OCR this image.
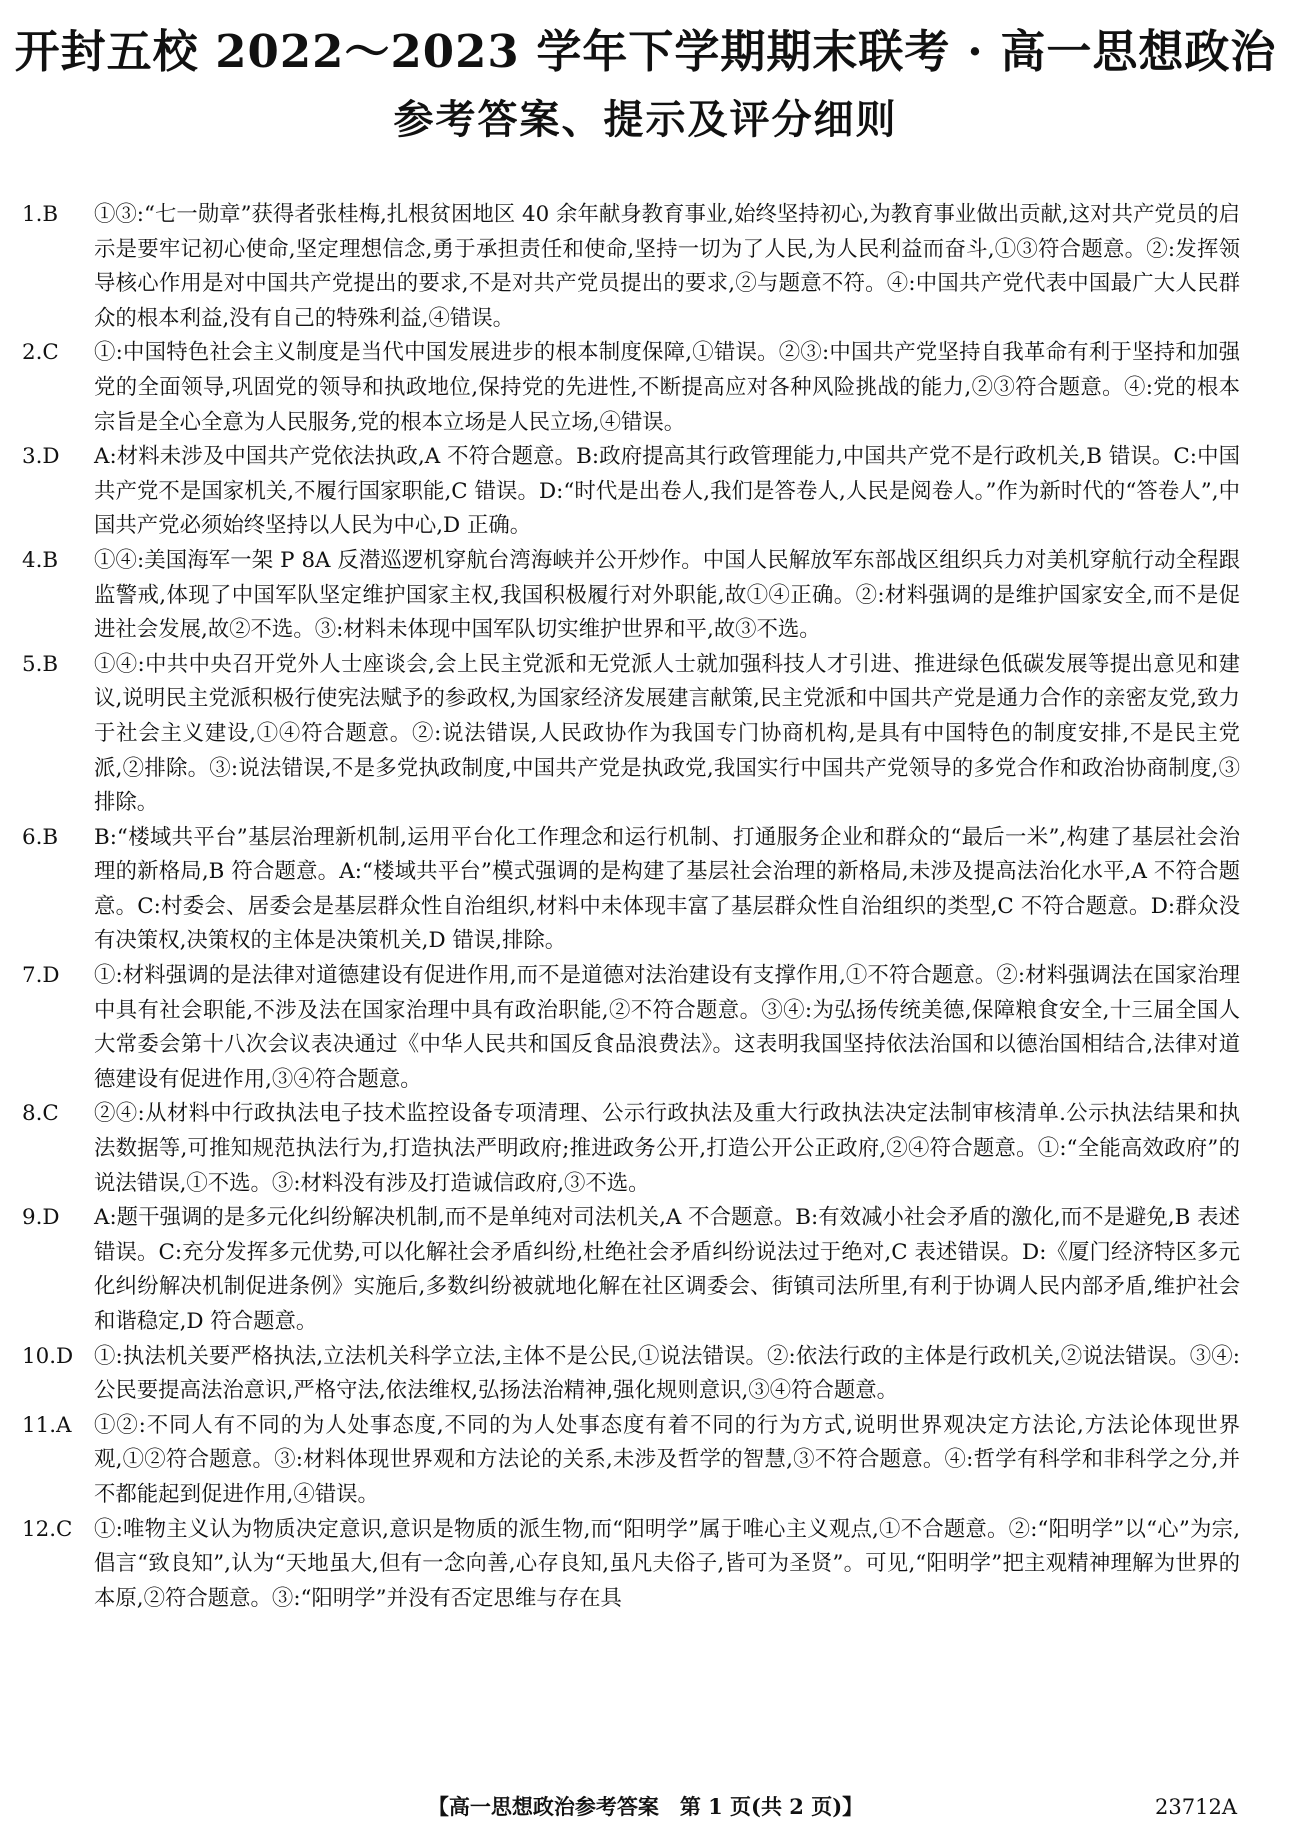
开封五校 2022～2023 学年下学期期末联考 · 高一思想政治
参考答案、提示及评分细则
1.B	①③:“七一勋章”获得者张桂梅,扎根贫困地区 40 余年献身教育事业,始终坚持初心,为教育事业做出贡献,这对共产党员的启示是要牢记初心使命,坚定理想信念,勇于承担责任和使命,坚持一切为了人民,为人民利益而奋斗,①③符合题意。②:发挥领导核心作用是对中国共产党提出的要求,不是对共产党员提出的要求,②与题意不符。④:中国共产党代表中国最广大人民群众的根本利益,没有自己的特殊利益,④错误。
2.C	①:中国特色社会主义制度是当代中国发展进步的根本制度保障,①错误。②③:中国共产党坚持自我革命有利于坚持和加强党的全面领导,巩固党的领导和执政地位,保持党的先进性,不断提高应对各种风险挑战的能力,②③符合题意。④:党的根本宗旨是全心全意为人民服务,党的根本立场是人民立场,④错误。
3.D	A:材料未涉及中国共产党依法执政,A 不符合题意。B:政府提高其行政管理能力,中国共产党不是行政机关,B 错误。C:中国共产党不是国家机关,不履行国家职能,C 错误。D:“时代是出卷人,我们是答卷人,人民是阅卷人。”作为新时代的“答卷人”,中国共产党必须始终坚持以人民为中心,D 正确。
4.B	①④:美国海军一架 P 8A 反潜巡逻机穿航台湾海峡并公开炒作。中国人民解放军东部战区组织兵力对美机穿航行动全程跟监警戒,体现了中国军队坚定维护国家主权,我国积极履行对外职能,故①④正确。②:材料强调的是维护国家安全,而不是促进社会发展,故②不选。③:材料未体现中国军队切实维护世界和平,故③不选。
5.B	①④:中共中央召开党外人士座谈会,会上民主党派和无党派人士就加强科技人才引进、推进绿色低碳发展等提出意见和建议,说明民主党派积极行使宪法赋予的参政权,为国家经济发展建言献策,民主党派和中国共产党是通力合作的亲密友党,致力于社会主义建设,①④符合题意。②:说法错误,人民政协作为我国专门协商机构,是具有中国特色的制度安排,不是民主党派,②排除。③:说法错误,不是多党执政制度,中国共产党是执政党,我国实行中国共产党领导的多党合作和政治协商制度,③排除。
6.B	B:“楼域共平台”基层治理新机制,运用平台化工作理念和运行机制、打通服务企业和群众的“最后一米”,构建了基层社会治理的新格局,B 符合题意。A:“楼域共平台”模式强调的是构建了基层社会治理的新格局,未涉及提高法治化水平,A 不符合题意。C:村委会、居委会是基层群众性自治组织,材料中未体现丰富了基层群众性自治组织的类型,C 不符合题意。D:群众没有决策权,决策权的主体是决策机关,D 错误,排除。
7.D	①:材料强调的是法律对道德建设有促进作用,而不是道德对法治建设有支撑作用,①不符合题意。②:材料强调法在国家治理中具有社会职能,不涉及法在国家治理中具有政治职能,②不符合题意。③④:为弘扬传统美德,保障粮食安全,十三届全国人大常委会第十八次会议表决通过《中华人民共和国反食品浪费法》。这表明我国坚持依法治国和以德治国相结合,法律对道德建设有促进作用,③④符合题意。
8.C	②④:从材料中行政执法电子技术监控设备专项清理、公示行政执法及重大行政执法决定法制审核清单.公示执法结果和执法数据等,可推知规范执法行为,打造执法严明政府;推进政务公开,打造公开公正政府,②④符合题意。①:“全能高效政府”的说法错误,①不选。③:材料没有涉及打造诚信政府,③不选。
9.D	A:题干强调的是多元化纠纷解决机制,而不是单纯对司法机关,A 不合题意。B:有效减小社会矛盾的激化,而不是避免,B 表述错误。C:充分发挥多元优势,可以化解社会矛盾纠纷,杜绝社会矛盾纠纷说法过于绝对,C 表述错误。D:《厦门经济特区多元化纠纷解决机制促进条例》实施后,多数纠纷被就地化解在社区调委会、街镇司法所里,有利于协调人民内部矛盾,维护社会和谐稳定,D 符合题意。
10.D ①:执法机关要严格执法,立法机关科学立法,主体不是公民,①说法错误。②:依法行政的主体是行政机关,②说法错误。③④:公民要提高法治意识,严格守法,依法维权,弘扬法治精神,强化规则意识,③④符合题意。
11.A	①②:不同人有不同的为人处事态度,不同的为人处事态度有着不同的行为方式,说明世界观决定方法论,方法论体现世界观,①②符合题意。③:材料体现世界观和方法论的关系,未涉及哲学的智慧,③不符合题意。④:哲学有科学和非科学之分,并不都能起到促进作用,④错误。
12.C	①:唯物主义认为物质决定意识,意识是物质的派生物,而“阳明学”属于唯心主义观点,①不合题意。②:“阳明学”以“心”为宗,倡言“致良知”,认为“天地虽大,但有一念向善,心存良知,虽凡夫俗子,皆可为圣贤”。可见,“阳明学”把主观精神理解为世界的本原,②符合题意。③:“阳明学”并没有否定思维与存在具
【高一思想政治参考答案　第 1 页(共 2 页)】	23712A
